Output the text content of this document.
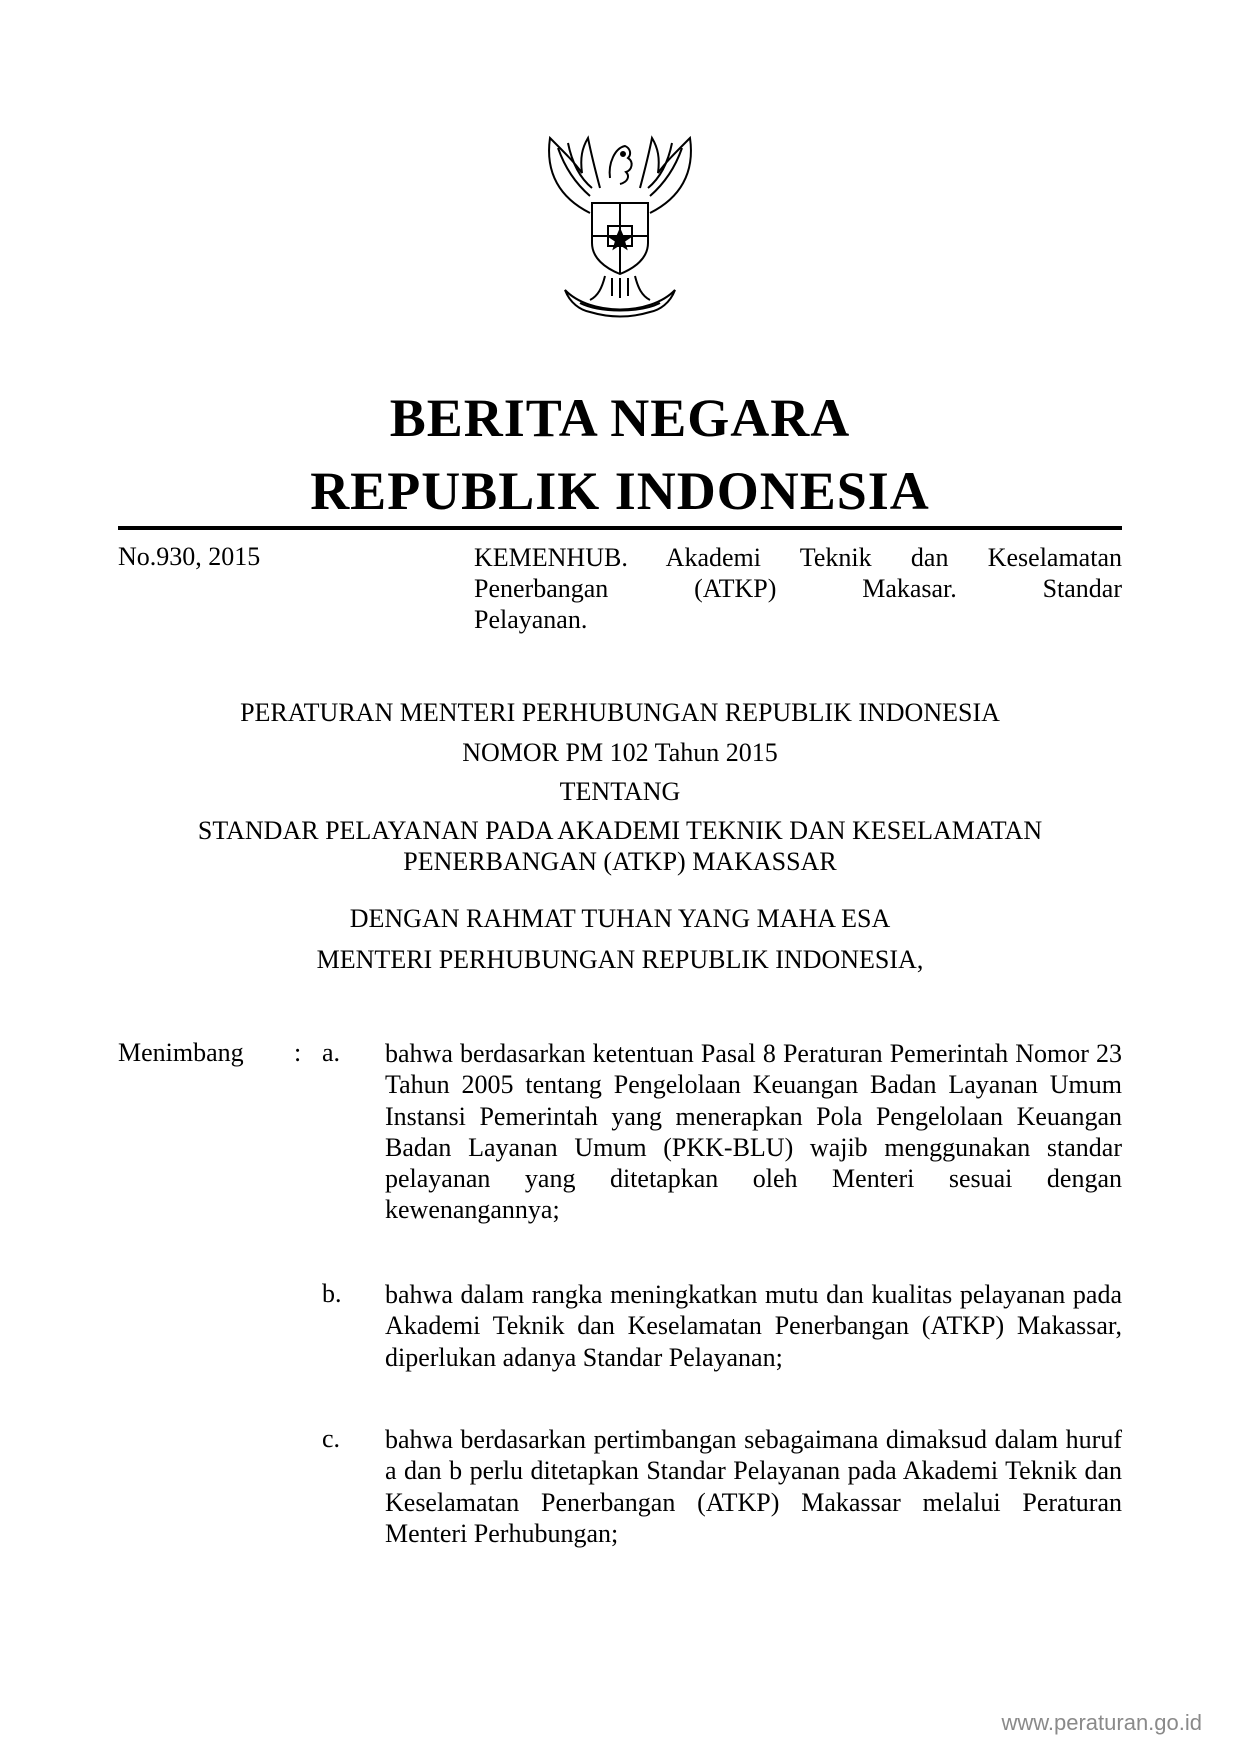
BERITA NEGARA
REPUBLIK INDONESIA
No.930, 2015	KEMENHUB. Akademi Teknik dan Keselamatan Penerbangan (ATKP) Makasar. Standar
Pelayanan.
PERATURAN MENTERI PERHUBUNGAN REPUBLIK INDONESIA
NOMOR PM 102 Tahun 2015
TENTANG
STANDAR PELAYANAN PADA AKADEMI TEKNIK DAN KESELAMATAN
PENERBANGAN (ATKP) MAKASSAR
DENGAN RAHMAT TUHAN YANG MAHA ESA
MENTERI PERHUBUNGAN REPUBLIK INDONESIA,
Menimbang : a. bahwa berdasarkan ketentuan Pasal 8 Peraturan Pemerintah Nomor 23 Tahun 2005 tentang Pengelolaan Keuangan Badan Layanan Umum Instansi Pemerintah yang menerapkan Pola Pengelolaan Keuangan Badan Layanan Umum (PKK-BLU) wajib menggunakan standar pelayanan yang ditetapkan oleh Menteri sesuai dengan kewenangannya;

b. bahwa dalam rangka meningkatkan mutu dan kualitas pelayanan pada Akademi Teknik dan Keselamatan Penerbangan (ATKP) Makassar, diperlukan adanya Standar Pelayanan;

c. bahwa berdasarkan pertimbangan sebagaimana dimaksud dalam huruf a dan b perlu ditetapkan Standar Pelayanan pada Akademi Teknik dan Keselamatan Penerbangan (ATKP) Makassar melalui Peraturan Menteri Perhubungan;

www.peraturan.go.id
